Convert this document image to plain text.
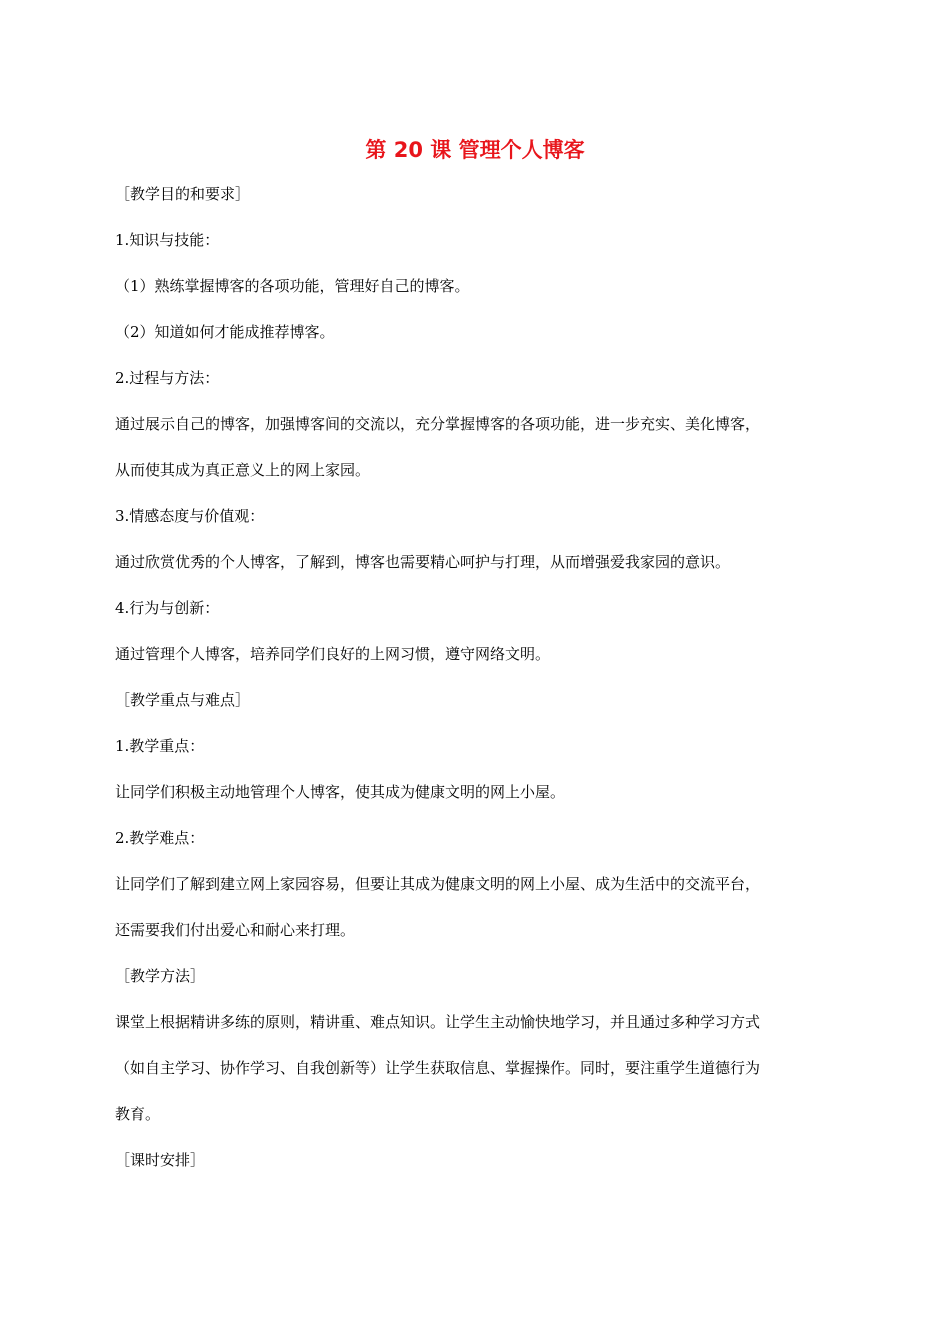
第 20 课 管理个人博客

［教学目的和要求］

1.知识与技能：

（1）熟练掌握博客的各项功能，管理好自己的博客。

（2）知道如何才能成推荐博客。

2.过程与方法：

通过展示自己的博客，加强博客间的交流以，充分掌握博客的各项功能，进一步充实、美化博客，

从而使其成为真正意义上的网上家园。

3.情感态度与价值观：

通过欣赏优秀的个人博客，了解到，博客也需要精心呵护与打理，从而增强爱我家园的意识。

4.行为与创新：

通过管理个人博客，培养同学们良好的上网习惯，遵守网络文明。

［教学重点与难点］

1.教学重点：

让同学们积极主动地管理个人博客，使其成为健康文明的网上小屋。

2.教学难点：

让同学们了解到建立网上家园容易，但要让其成为健康文明的网上小屋、成为生活中的交流平台，

还需要我们付出爱心和耐心来打理。

［教学方法］

课堂上根据精讲多练的原则，精讲重、难点知识。让学生主动愉快地学习，并且通过多种学习方式

（如自主学习、协作学习、自我创新等）让学生获取信息、掌握操作。同时，要注重学生道德行为

教育。

［课时安排］
